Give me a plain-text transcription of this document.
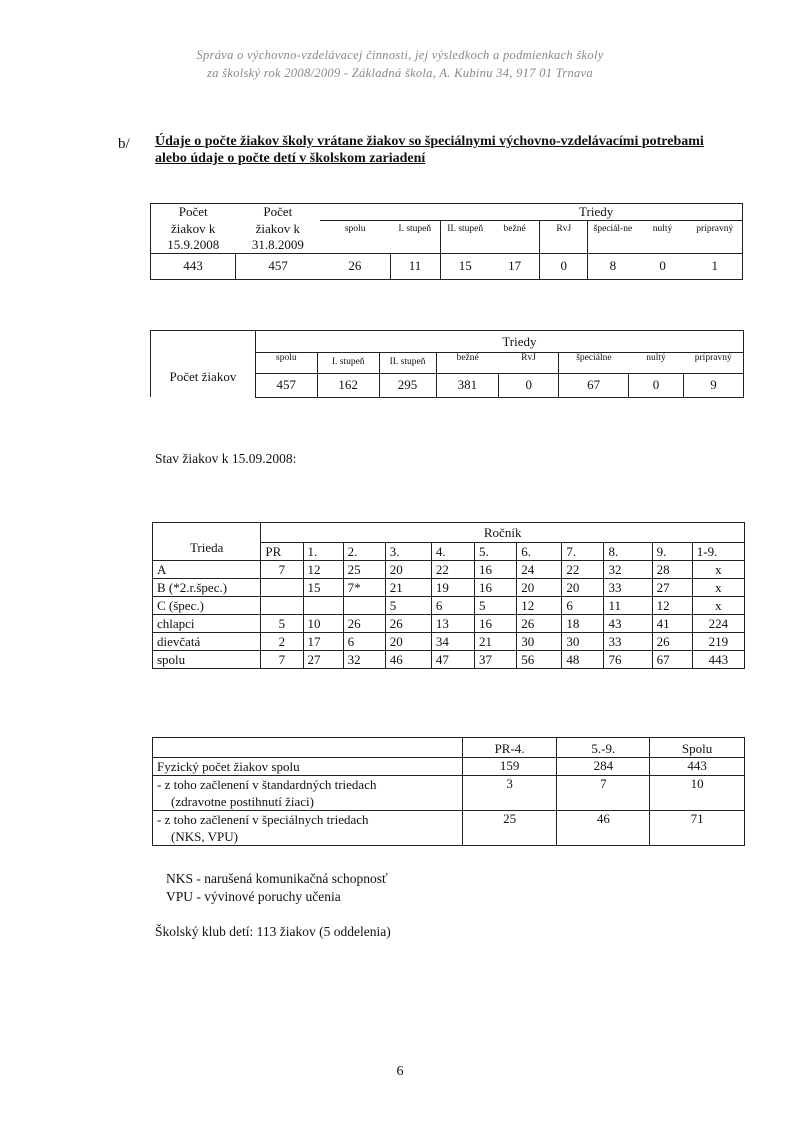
Správa o výchovno-vzdelávacej činnosti, jej výsledkoch a podmienkach školy
za školský rok 2008/2009 - Základná škola, A. Kubinu 34, 917 01 Trnava
b/ Údaje o počte žiakov školy vrátane žiakov so špeciálnymi výchovno-vzdelávacími potrebami alebo údaje o počte detí v školskom zariadení
Počet	Počet	Triedy							
žiakov k	žiakov k	spolu	I. stupeň	II. stupeň	bežné	RvJ	špeciál-ne	nultý	prípravný
15.9.2008	31.8.2009								
443	457	26	11	15	17	0	8	0	1
Počet žiakov	Triedy							
	spolu	I. stupeň	II. stupeň	bežné	RvJ	špeciálne	nultý	prípravný

	457	162	295	381	0	67	0	9
Stav žiakov k 15.09.2008:
Trieda	Ročník										
	PR	1.	2.	3.	4.	5.	6.	7.	8.	9.	1-9.
A	7	12	25	20	22	16	24	22	32	28	x
B (*2.r.špec.)		15	7*	21	19	16	20	20	33	27	x
C (špec.)				5	6	5	12	6	11	12	x
chlapci	5	10	26	26	13	16	26	18	43	41	224
dievčatá	2	17	6	20	34	21	30	30	33	26	219
spolu	7	27	32	46	47	37	56	48	76	67	443
	PR-4.	5.-9.	Spolu

Fyzický počet žiakov spolu	159	284	443

- z toho začlenení v štandardných triedach
(zdravotne postihnutí žiaci)	3	7	10

- z toho začlenení v špeciálnych triedach
(NKS, VPU)	25	46	71
NKS - narušená komunikačná schopnosť
VPU - vývinové poruchy učenia
Školský klub detí: 113 žiakov (5 oddelenia)
6
